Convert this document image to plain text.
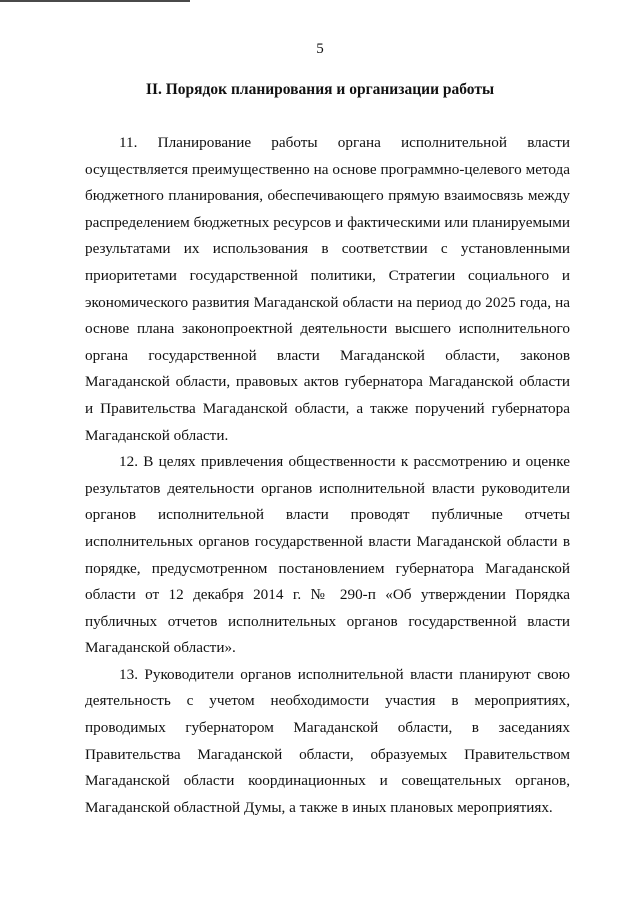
5
II. Порядок планирования и организации работы

11. Планирование работы органа исполнительной власти осуществляется преимущественно на основе программно-целевого метода бюджетного планирования, обеспечивающего прямую взаимосвязь между распределением бюджетных ресурсов и фактическими или планируемыми результатами их использования в соответствии с установленными приоритетами государственной политики, Стратегии социального и экономического развития Магаданской области на период до 2025 года, на основе плана законопроектной деятельности высшего исполнительного органа государственной власти Магаданской области, законов Магаданской области, правовых актов губернатора Магаданской области и Правительства Магаданской области, а также поручений губернатора Магаданской области.

12. В целях привлечения общественности к рассмотрению и оценке результатов деятельности органов исполнительной власти руководители органов исполнительной власти проводят публичные отчеты исполнительных органов государственной власти Магаданской области в порядке, предусмотренном постановлением губернатора Магаданской области от 12 декабря 2014 г. № 290-п «Об утверждении Порядка публичных отчетов исполнительных органов государственной власти Магаданской области».

13. Руководители органов исполнительной власти планируют свою деятельность с учетом необходимости участия в мероприятиях, проводимых губернатором Магаданской области, в заседаниях Правительства Магаданской области, образуемых Правительством Магаданской области координационных и совещательных органов, Магаданской областной Думы, а также в иных плановых мероприятиях.
